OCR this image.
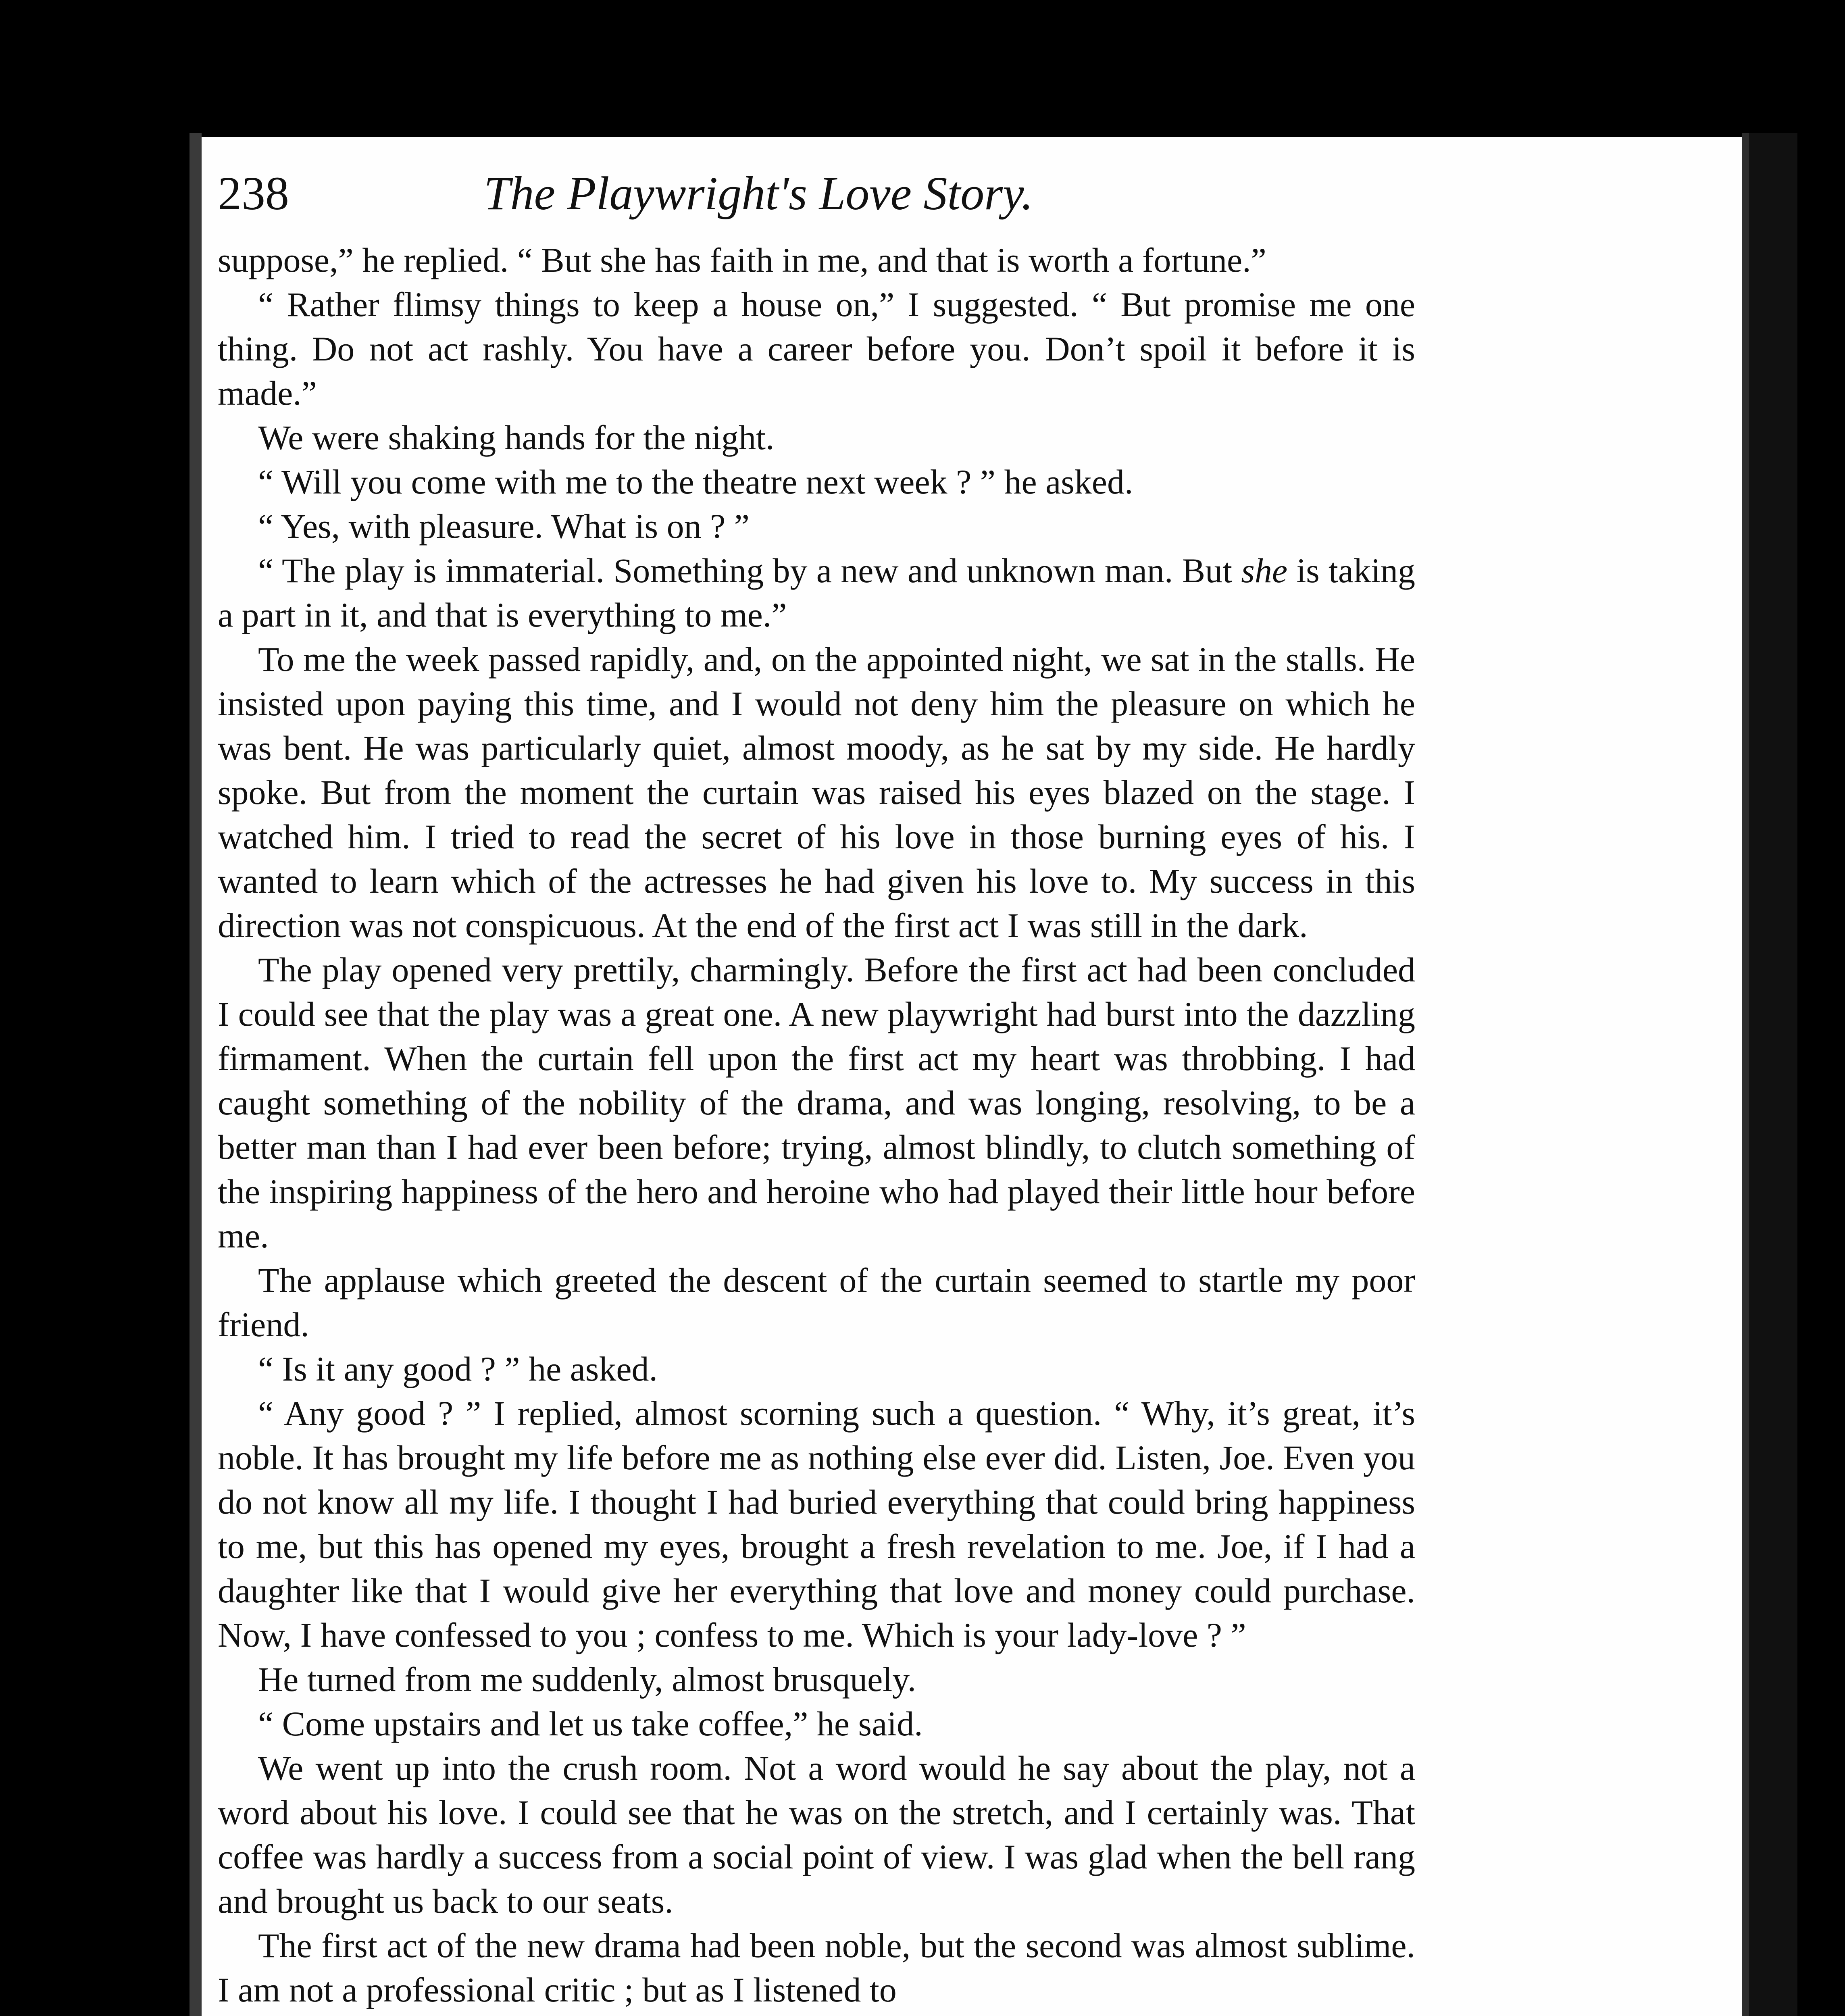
238	The Playwright's Love Story.

suppose,” he replied. “ But she has faith in me, and that is worth a fortune.”

“ Rather flimsy things to keep a house on,” I suggested. “ But promise me one thing. Do not act rashly. You have a career before you. Don’t spoil it before it is made.”

We were shaking hands for the night.

“ Will you come with me to the theatre next week ? ” he asked.

“ Yes, with pleasure. What is on ? ”

“ The play is immaterial. Something by a new and unknown man. But she is taking a part in it, and that is everything to me.”

To me the week passed rapidly, and, on the appointed night, we sat in the stalls. He insisted upon paying this time, and I would not deny him the pleasure on which he was bent. He was particularly quiet, almost moody, as he sat by my side. He hardly spoke. But from the moment the curtain was raised his eyes blazed on the stage. I watched him. I tried to read the secret of his love in those burning eyes of his. I wanted to learn which of the actresses he had given his love to. My success in this direction was not conspicuous. At the end of the first act I was still in the dark.

The play opened very prettily, charmingly. Before the first act had been concluded I could see that the play was a great one. A new playwright had burst into the dazzling firmament. When the curtain fell upon the first act my heart was throbbing. I had caught something of the nobility of the drama, and was longing, resolving, to be a better man than I had ever been before; trying, almost blindly, to clutch something of the inspiring happiness of the hero and heroine who had played their little hour before me.

The applause which greeted the descent of the curtain seemed to startle my poor friend.

“ Is it any good ? ” he asked.

“ Any good ? ” I replied, almost scorning such a question. “ Why, it’s great, it’s noble. It has brought my life before me as nothing else ever did. Listen, Joe. Even you do not know all my life. I thought I had buried everything that could bring happiness to me, but this has opened my eyes, brought a fresh revelation to me. Joe, if I had a daughter like that I would give her everything that love and money could purchase. Now, I have confessed to you ; confess to me. Which is your lady-love ? ”

He turned from me suddenly, almost brusquely.

“ Come upstairs and let us take coffee,” he said.

We went up into the crush room. Not a word would he say about the play, not a word about his love. I could see that he was on the stretch, and I certainly was. That coffee was hardly a success from a social point of view. I was glad when the bell rang and brought us back to our seats.

The first act of the new drama had been noble, but the second was almost sublime. I am not a professional critic ; but as I listened to
